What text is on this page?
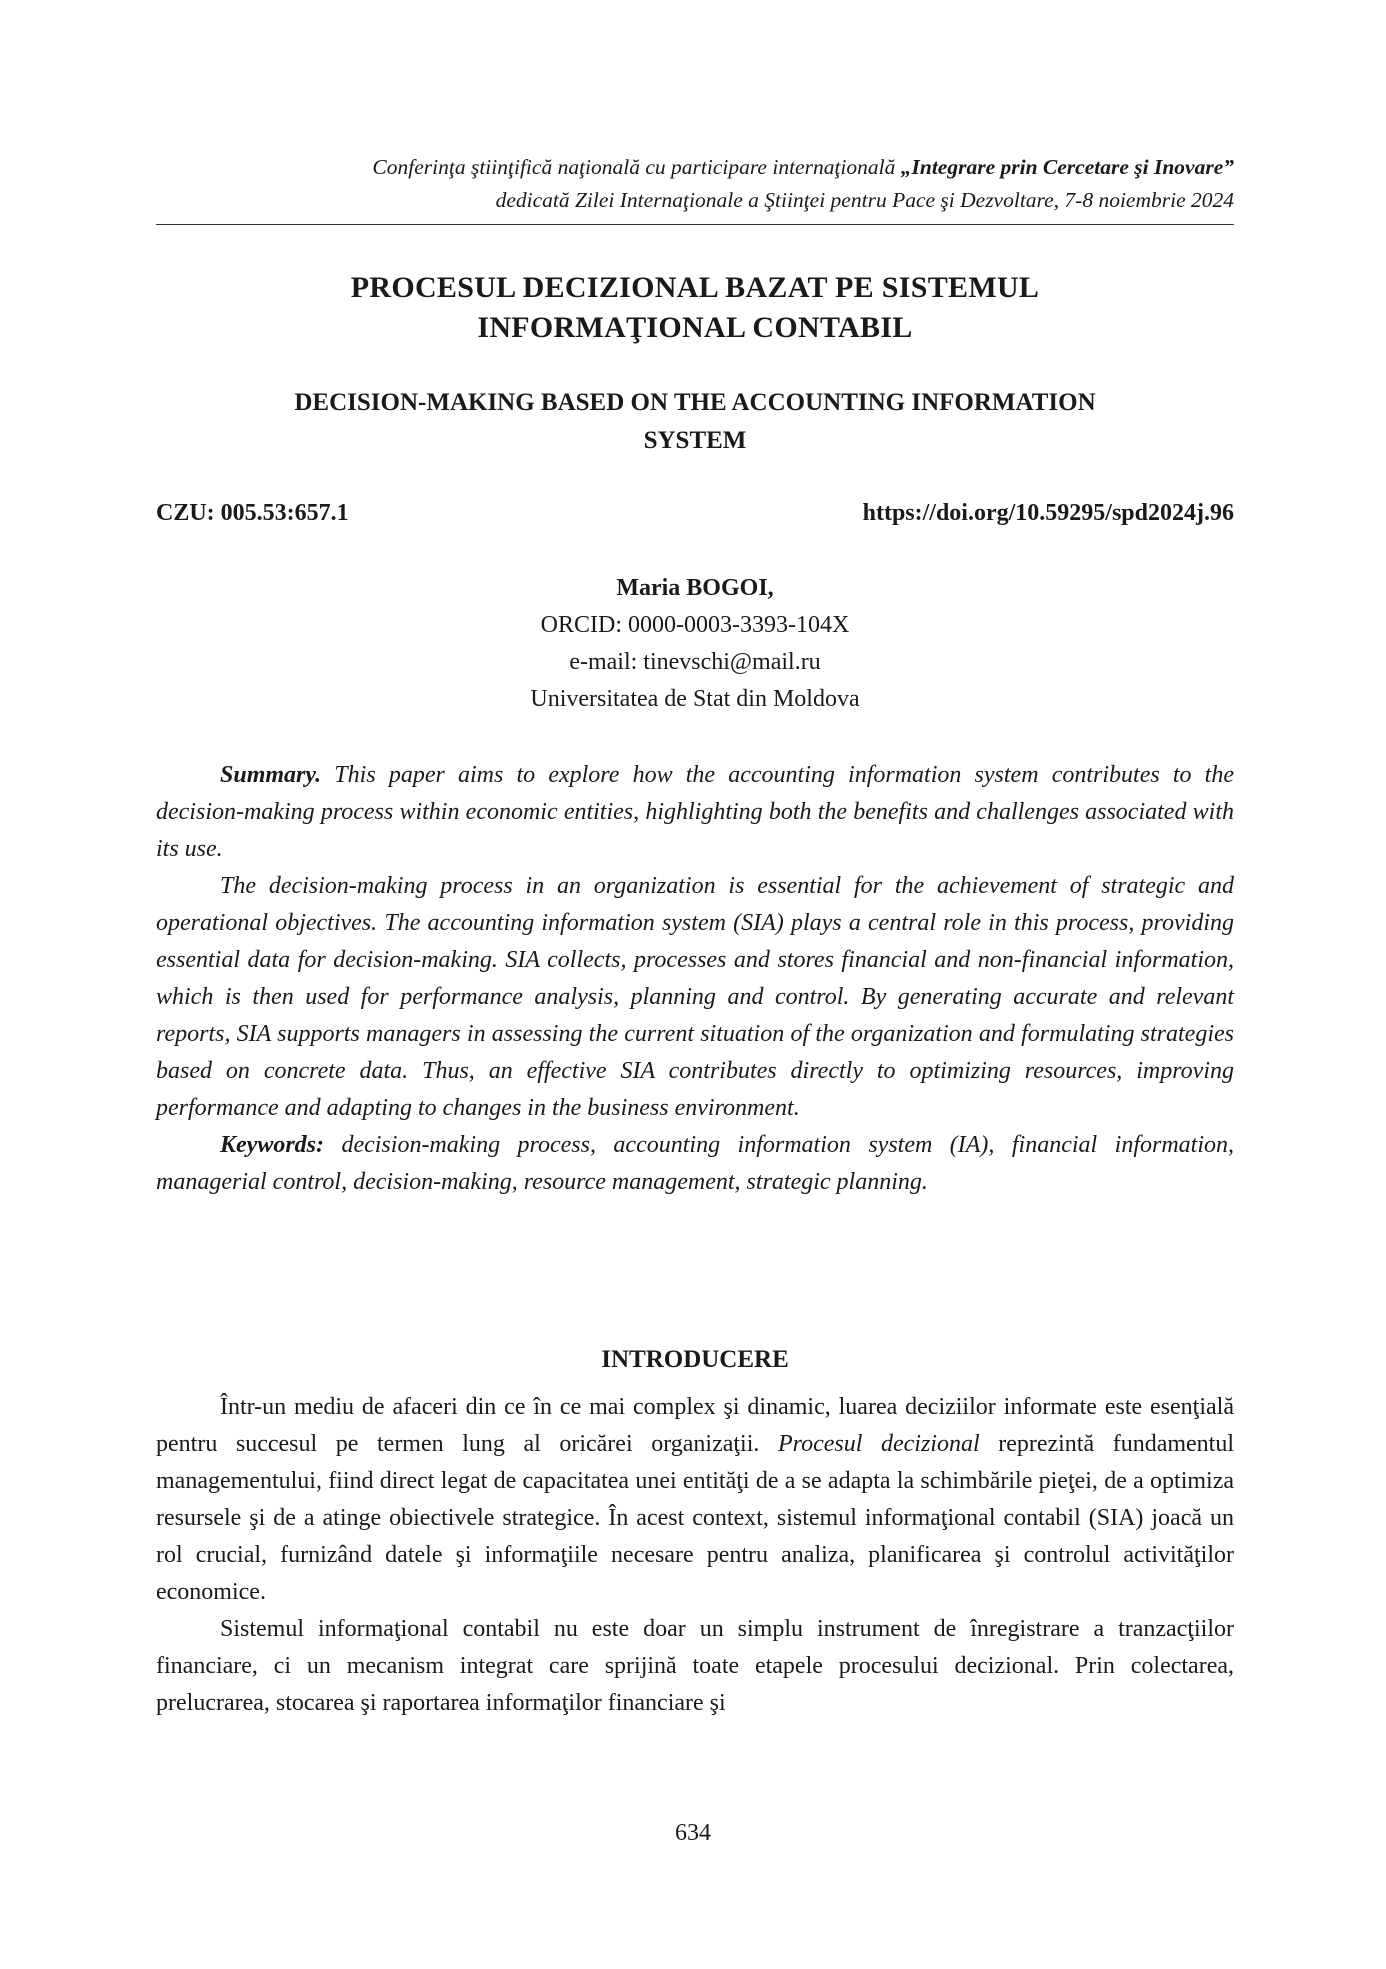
Conferinţa ştiinţifică naţională cu participare internaţională „Integrare prin Cercetare şi Inovare”
dedicată Zilei Internaţionale a Ştiinţei pentru Pace şi Dezvoltare, 7-8 noiembrie 2024
PROCESUL DECIZIONAL BAZAT PE SISTEMUL
INFORMAŢIONAL CONTABIL
DECISION-MAKING BASED ON THE ACCOUNTING INFORMATION
SYSTEM
CZU: 005.53:657.1	https://doi.org/10.59295/spd2024j.96
Maria BOGOI,
ORCID: 0000-0003-3393-104X
e-mail: tinevschi@mail.ru
Universitatea de Stat din Moldova

Summary. This paper aims to explore how the accounting information system contributes to the decision-making process within economic entities, highlighting both the benefits and challenges associated with its use.

The decision-making process in an organization is essential for the achievement of strategic and operational objectives. The accounting information system (SIA) plays a central role in this process, providing essential data for decision-making. SIA collects, processes and stores financial and non-financial information, which is then used for performance analysis, planning and control. By generating accurate and relevant reports, SIA supports managers in assessing the current situation of the organization and formulating strategies based on concrete data. Thus, an effective SIA contributes directly to optimizing resources, improving performance and adapting to changes in the business environment.

Keywords: decision-making process, accounting information system (IA), financial information, managerial control, decision-making, resource management, strategic planning.

INTRODUCERE

Într-un mediu de afaceri din ce în ce mai complex şi dinamic, luarea deciziilor informate este esenţială pentru succesul pe termen lung al oricărei organizaţii. Procesul decizional reprezintă fundamentul managementului, fiind direct legat de capacitatea unei entităţi de a se adapta la schimbările pieţei, de a optimiza resursele şi de a atinge obiectivele strategice. În acest context, sistemul informaţional contabil (SIA) joacă un rol crucial, furnizând datele şi informaţiile necesare pentru analiza, planificarea şi controlul activităţilor economice.

Sistemul informaţional contabil nu este doar un simplu instrument de înregistrare a tranzacţiilor financiare, ci un mecanism integrat care sprijină toate etapele procesului decizional. Prin colectarea, prelucrarea, stocarea şi raportarea informaţilor financiare şi

634
